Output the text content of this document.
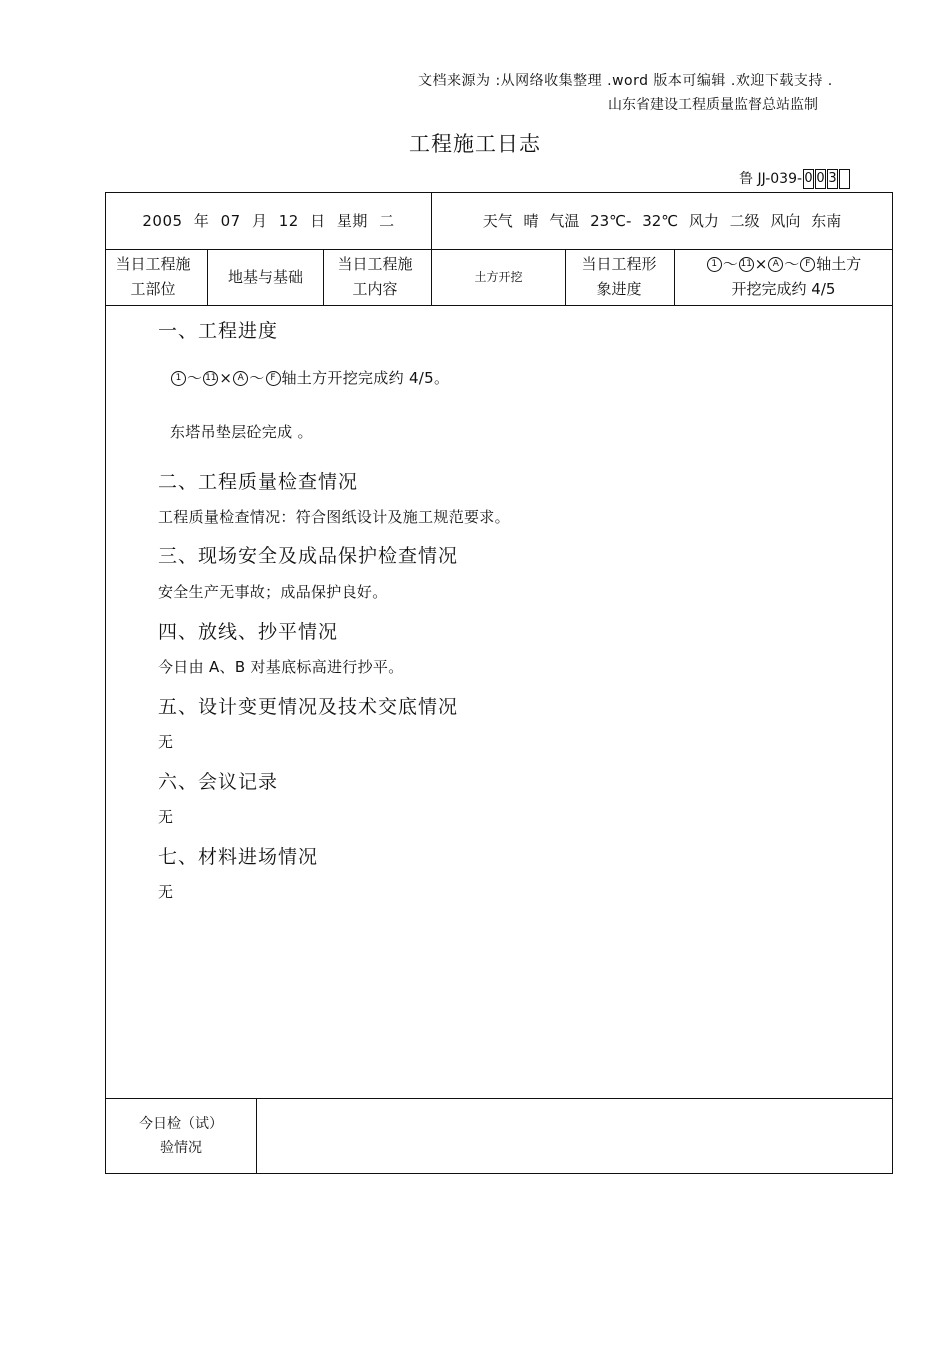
文档来源为 :从网络收集整理 .word 版本可编辑 .欢迎下载支持 .
山东省建设工程质量监督总站监制
工程施工日志
鲁 JJ-039- 0 0 3
2005 年 07 月 12 日 星期 二	天气 晴 气温 23℃- 32℃ 风力 二级 风向 东南
当日工程施工部位
地基与基础
当日工程施工内容
土方开挖
当日工程形象进度
1 ～ 11 × A ～ F 轴土方
开挖完成约 4/5
一、工程进度
1 ～ 11 × A ～ F 轴土方开挖完成约 4/5。
东塔吊垫层砼完成 。
二、工程质量检查情况
工程质量检查情况：符合图纸设计及施工规范要求。
三、现场安全及成品保护检查情况
安全生产无事故；成品保护良好。
四、放线、抄平情况
今日由 A、B 对基底标高进行抄平。
五、设计变更情况及技术交底情况
无
六、会议记录
无
七、材料进场情况
无
今日检（试）
验情况
